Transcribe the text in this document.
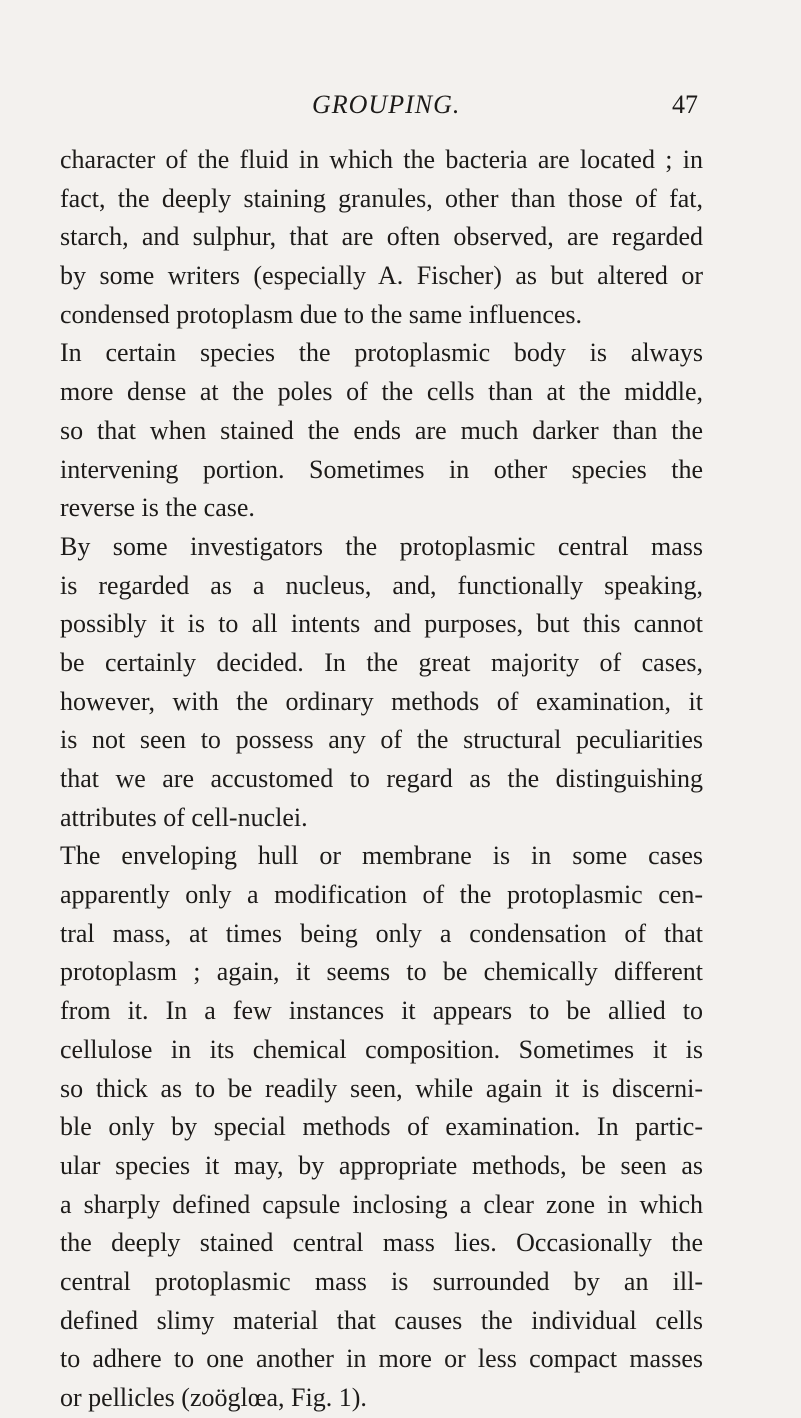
GROUPING.	47
character of the fluid in which the bacteria are located ; in
fact, the deeply staining granules, other than those of fat,
starch, and sulphur, that are often observed, are regarded
by some writers (especially A. Fischer) as but altered or
condensed protoplasm due to the same influences.
In certain species the protoplasmic body is always
more dense at the poles of the cells than at the middle,
so that when stained the ends are much darker than the
intervening portion. Sometimes in other species the
reverse is the case.
By some investigators the protoplasmic central mass
is regarded as a nucleus, and, functionally speaking,
possibly it is to all intents and purposes, but this cannot
be certainly decided. In the great majority of cases,
however, with the ordinary methods of examination, it
is not seen to possess any of the structural peculiarities
that we are accustomed to regard as the distinguishing
attributes of cell-nuclei.
The enveloping hull or membrane is in some cases
apparently only a modification of the protoplasmic cen-
tral mass, at times being only a condensation of that
protoplasm ; again, it seems to be chemically different
from it. In a few instances it appears to be allied to
cellulose in its chemical composition. Sometimes it is
so thick as to be readily seen, while again it is discerni-
ble only by special methods of examination. In partic-
ular species it may, by appropriate methods, be seen as
a sharply defined capsule inclosing a clear zone in which
the deeply stained central mass lies. Occasionally the
central protoplasmic mass is surrounded by an ill-
defined slimy material that causes the individual cells
to adhere to one another in more or less compact masses
or pellicles (zoöglœa, Fig. 1).
